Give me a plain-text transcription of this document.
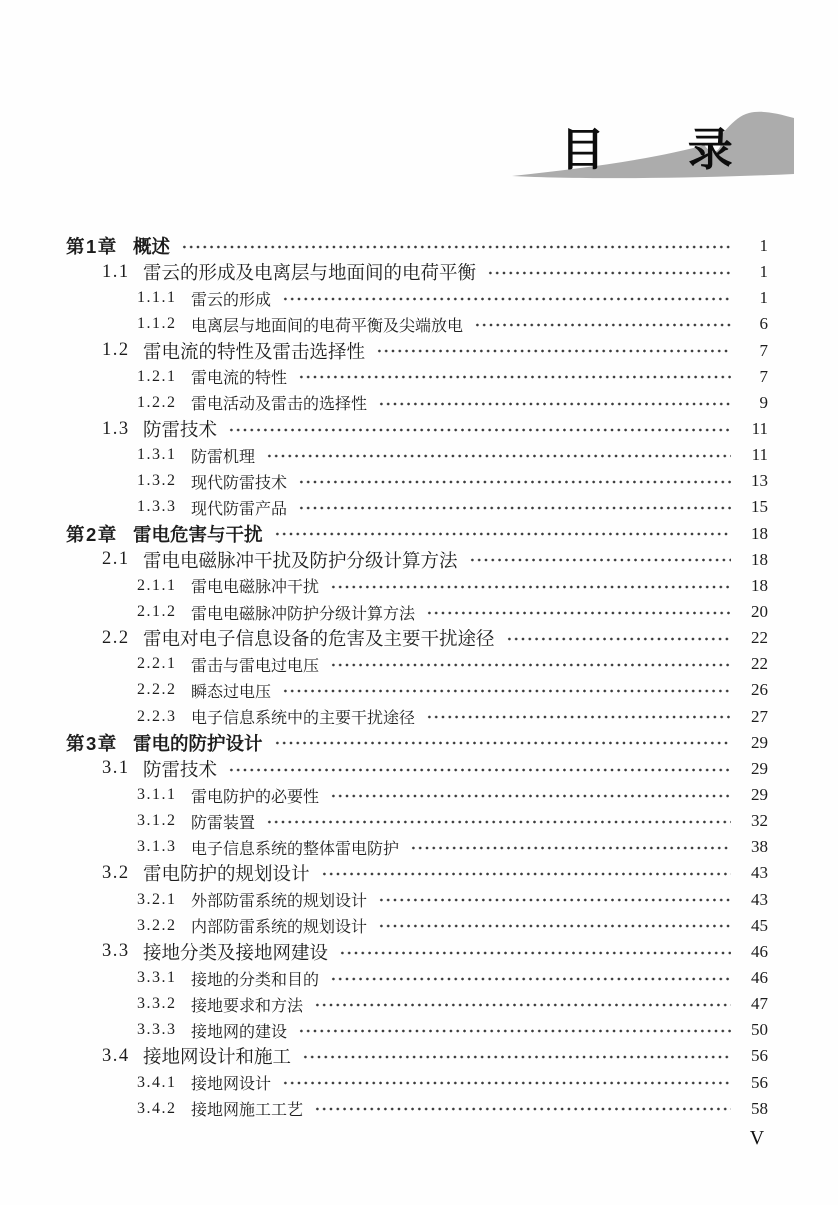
目　录
第1章 概述	1
1.1 雷云的形成及电离层与地面间的电荷平衡	1
1.1.1 雷云的形成	1
1.1.2 电离层与地面间的电荷平衡及尖端放电	6
1.2 雷电流的特性及雷击选择性	7
1.2.1 雷电流的特性	7
1.2.2 雷电活动及雷击的选择性	9
1.3 防雷技术	11
1.3.1 防雷机理	11
1.3.2 现代防雷技术	13
1.3.3 现代防雷产品	15
第2章 雷电危害与干扰	18
2.1 雷电电磁脉冲干扰及防护分级计算方法	18
2.1.1 雷电电磁脉冲干扰	18
2.1.2 雷电电磁脉冲防护分级计算方法	20
2.2 雷电对电子信息设备的危害及主要干扰途径	22
2.2.1 雷击与雷电过电压	22
2.2.2 瞬态过电压	26
2.2.3 电子信息系统中的主要干扰途径	27
第3章 雷电的防护设计	29
3.1 防雷技术	29
3.1.1 雷电防护的必要性	29
3.1.2 防雷装置	32
3.1.3 电子信息系统的整体雷电防护	38
3.2 雷电防护的规划设计	43
3.2.1 外部防雷系统的规划设计	43
3.2.2 内部防雷系统的规划设计	45
3.3 接地分类及接地网建设	46
3.3.1 接地的分类和目的	46
3.3.2 接地要求和方法	47
3.3.3 接地网的建设	50
3.4 接地网设计和施工	56
3.4.1 接地网设计	56
3.4.2 接地网施工工艺	58
V
